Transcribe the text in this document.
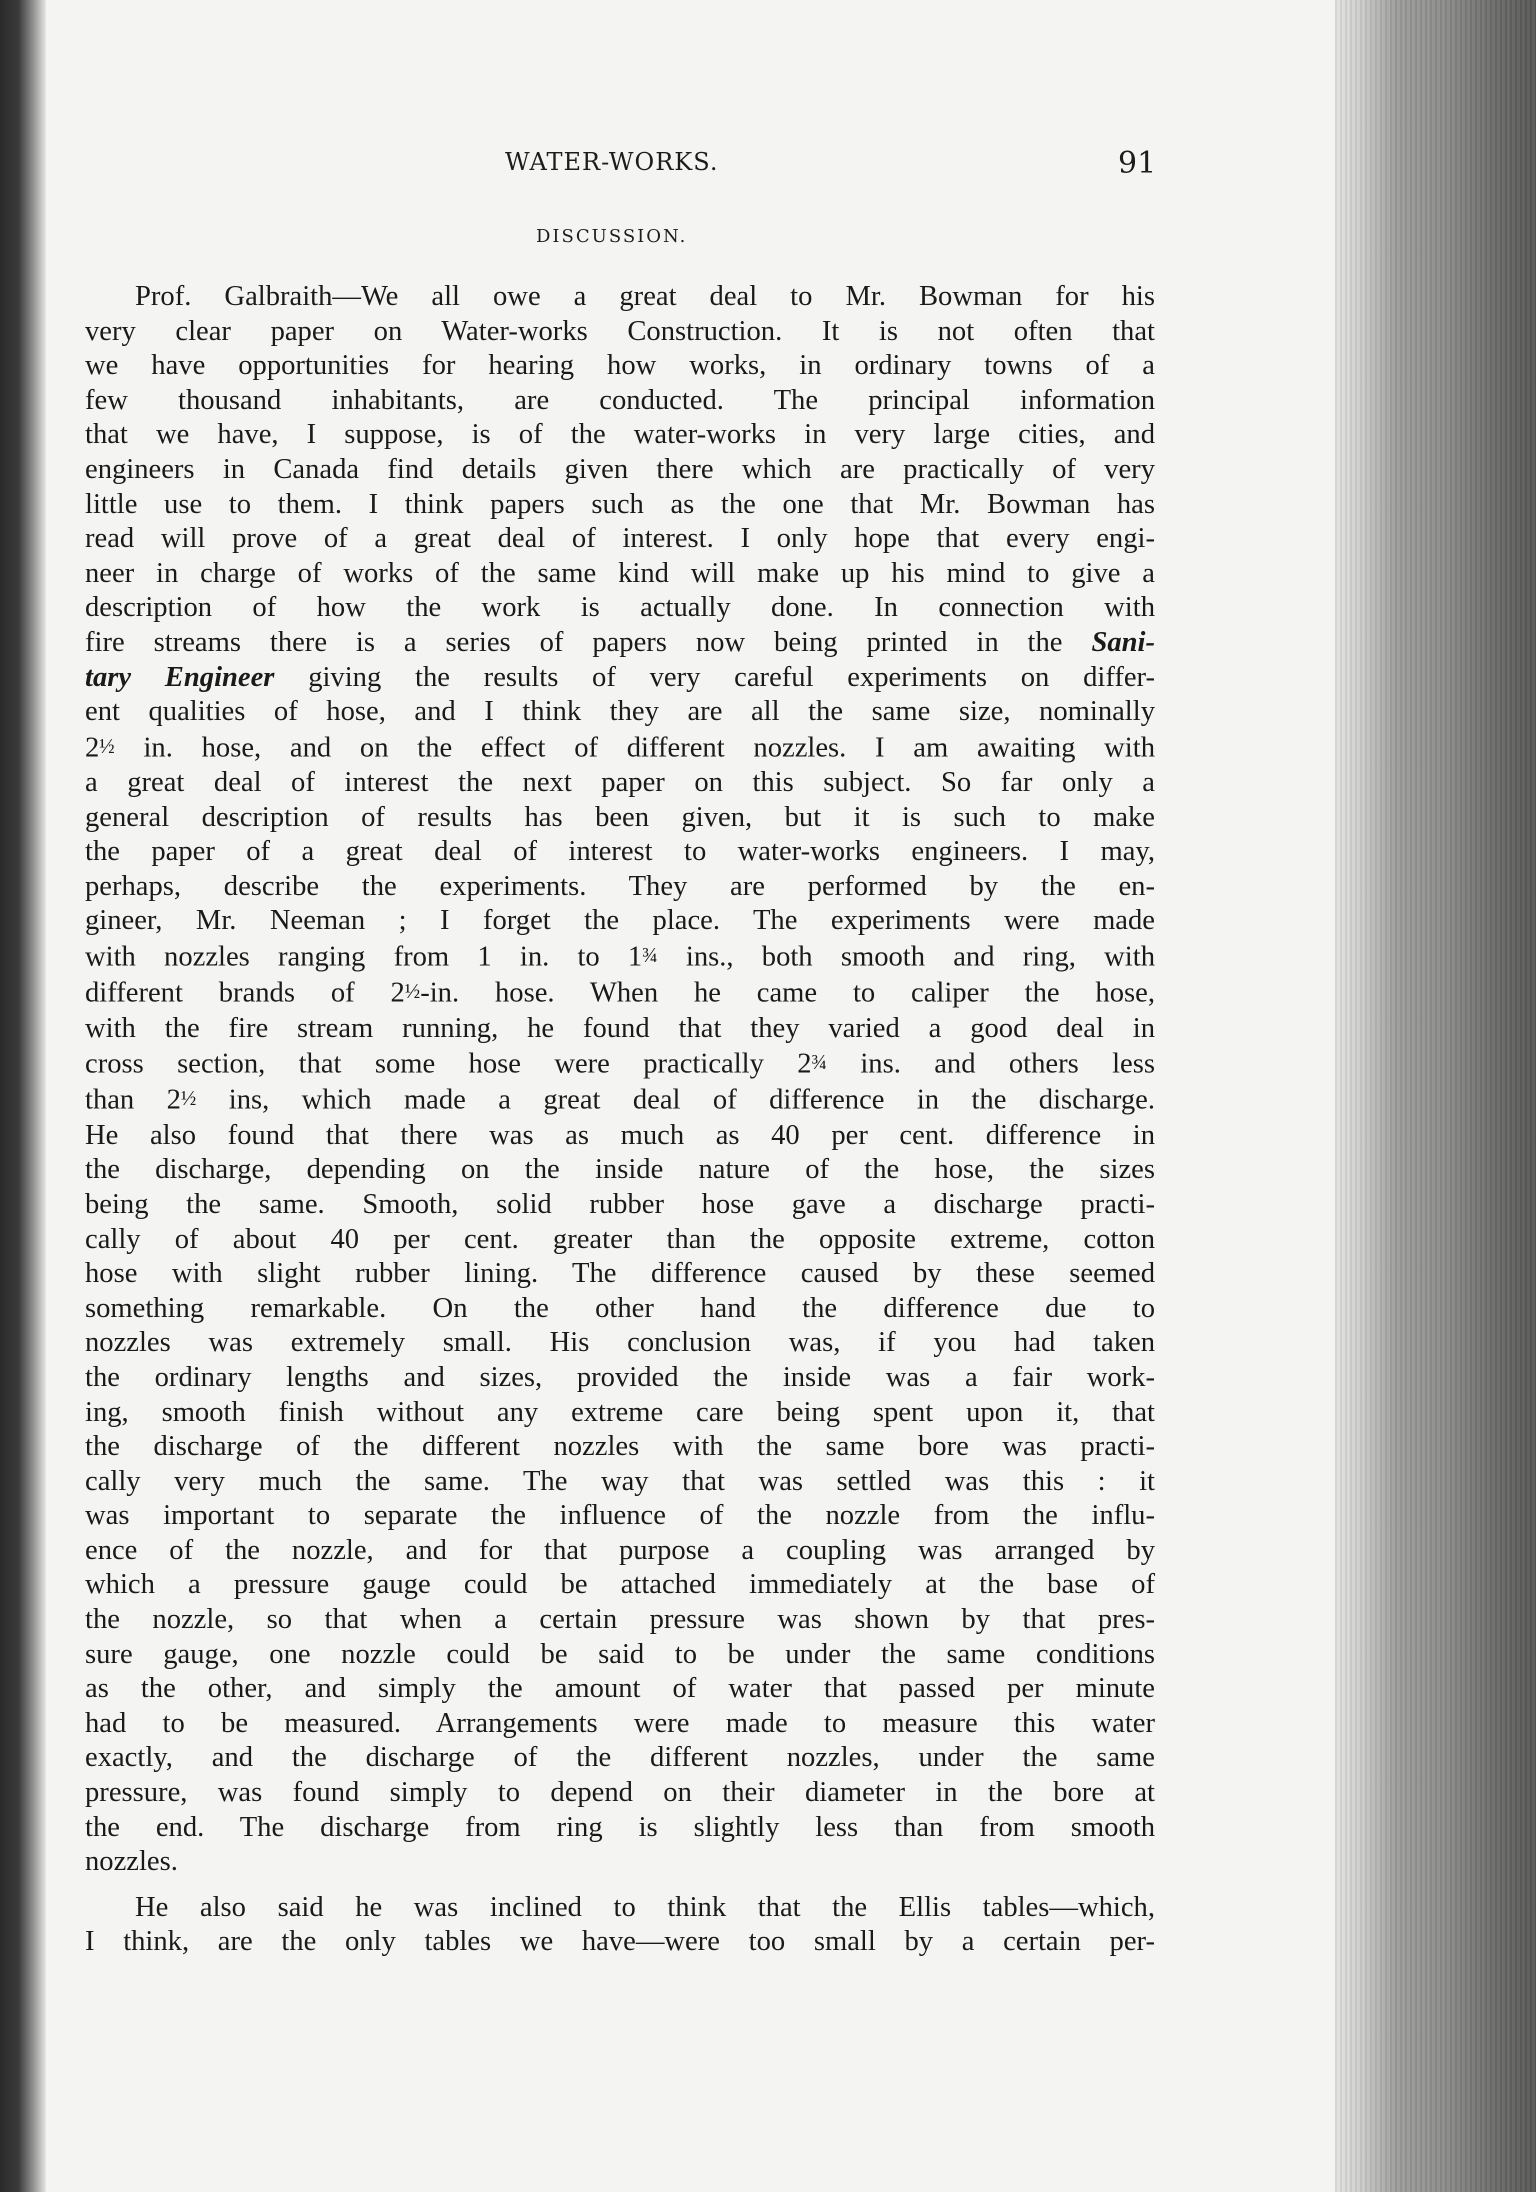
WATER-WORKS.	91
DISCUSSION.
Prof. Galbraith—We all owe a great deal to Mr. Bowman for his
very clear paper on Water-works Construction. It is not often that
we have opportunities for hearing how works, in ordinary towns of a
few thousand inhabitants, are conducted. The principal information
that we have, I suppose, is of the water-works in very large cities, and
engineers in Canada find details given there which are practically of very
little use to them. I think papers such as the one that Mr. Bowman has
read will prove of a great deal of interest. I only hope that every engi-
neer in charge of works of the same kind will make up his mind to give a
description of how the work is actually done. In connection with
fire streams there is a series of papers now being printed in the Sani-
tary Engineer giving the results of very careful experiments on differ-
ent qualities of hose, and I think they are all the same size, nominally
2½ in. hose, and on the effect of different nozzles. I am awaiting with
a great deal of interest the next paper on this subject. So far only a
general description of results has been given, but it is such to make
the paper of a great deal of interest to water-works engineers. I may,
perhaps, describe the experiments. They are performed by the en-
gineer, Mr. Neeman ; I forget the place. The experiments were made
with nozzles ranging from 1 in. to 1¾ ins., both smooth and ring, with
different brands of 2½-in. hose. When he came to caliper the hose,
with the fire stream running, he found that they varied a good deal in
cross section, that some hose were practically 2¾ ins. and others less
than 2½ ins, which made a great deal of difference in the discharge.
He also found that there was as much as 40 per cent. difference in
the discharge, depending on the inside nature of the hose, the sizes
being the same. Smooth, solid rubber hose gave a discharge practi-
cally of about 40 per cent. greater than the opposite extreme, cotton
hose with slight rubber lining. The difference caused by these seemed
something remarkable. On the other hand the difference due to
nozzles was extremely small. His conclusion was, if you had taken
the ordinary lengths and sizes, provided the inside was a fair work-
ing, smooth finish without any extreme care being spent upon it, that
the discharge of the different nozzles with the same bore was practi-
cally very much the same. The way that was settled was this : it
was important to separate the influence of the nozzle from the influ-
ence of the nozzle, and for that purpose a coupling was arranged by
which a pressure gauge could be attached immediately at the base of
the nozzle, so that when a certain pressure was shown by that pres-
sure gauge, one nozzle could be said to be under the same conditions
as the other, and simply the amount of water that passed per minute
had to be measured. Arrangements were made to measure this water
exactly, and the discharge of the different nozzles, under the same
pressure, was found simply to depend on their diameter in the bore at
the end. The discharge from ring is slightly less than from smooth
nozzles.
He also said he was inclined to think that the Ellis tables—which,
I think, are the only tables we have—were too small by a certain per-
